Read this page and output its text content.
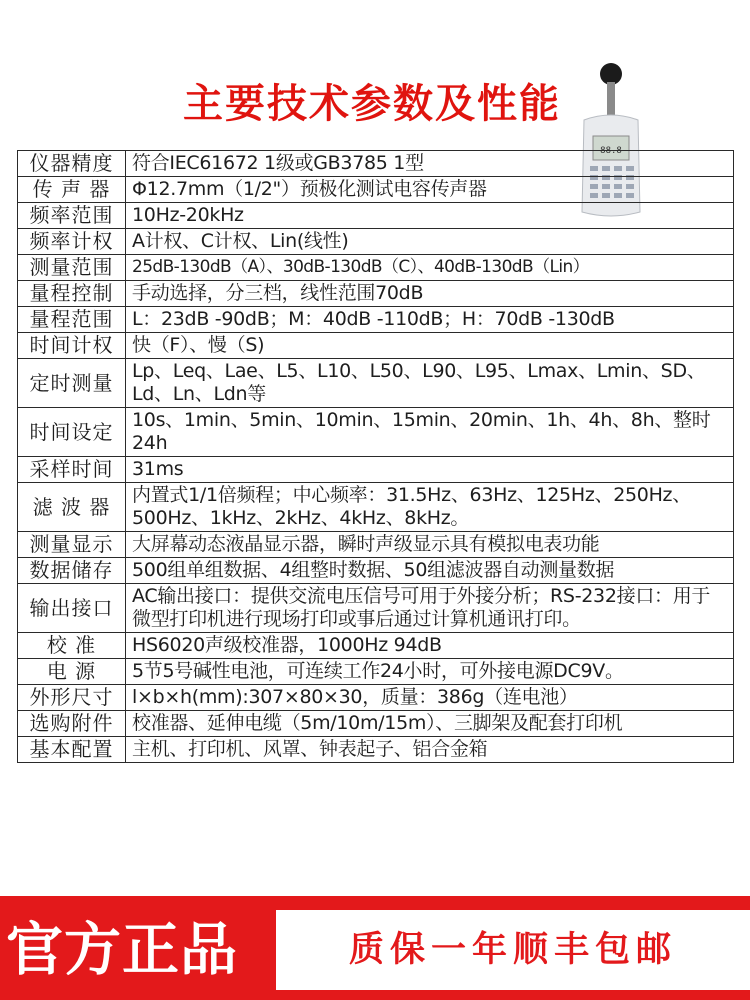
主要技术参数及性能
88.8
仪器精度	符合IEC61672 1级或GB3785 1型
传 声 器	Φ12.7mm（1/2"）预极化测试电容传声器
频率范围	10Hz-20kHz
频率计权	A计权、C计权、Lin(线性)
测量范围	25dB-130dB（A）、30dB-130dB（C）、40dB-130dB（Lin）
量程控制	手动选择，分三档，线性范围70dB
量程范围	L：23dB -90dB；M：40dB -110dB；H：70dB -130dB
时间计权	快（F）、慢（S)
定时测量	Lp、Leq、Lae、L5、L10、L50、L90、L95、Lmax、Lmin、SD、Ld、Ln、Ldn等
时间设定	10s、1min、5min、10min、15min、20min、1h、4h、8h、整时24h
采样时间	31ms
滤 波 器	内置式1/1倍频程；中心频率：31.5Hz、63Hz、125Hz、250Hz、500Hz、1kHz、2kHz、4kHz、8kHz。
测量显示	大屏幕动态液晶显示器，瞬时声级显示具有模拟电表功能
数据储存	500组单组数据、4组整时数据、50组滤波器自动测量数据
输出接口	AC输出接口：提供交流电压信号可用于外接分析；RS-232接口：用于微型打印机进行现场打印或事后通过计算机通讯打印。
校 准	HS6020声级校准器，1000Hz 94dB
电 源	5节5号碱性电池，可连续工作24小时，可外接电源DC9V。
外形尺寸	l×b×h(mm):307×80×30，质量：386g（连电池）
选购附件	校准器、延伸电缆（5m/10m/15m）、三脚架及配套打印机
基本配置	主机、打印机、风罩、钟表起子、铝合金箱
官方正品	质保一年顺丰包邮
